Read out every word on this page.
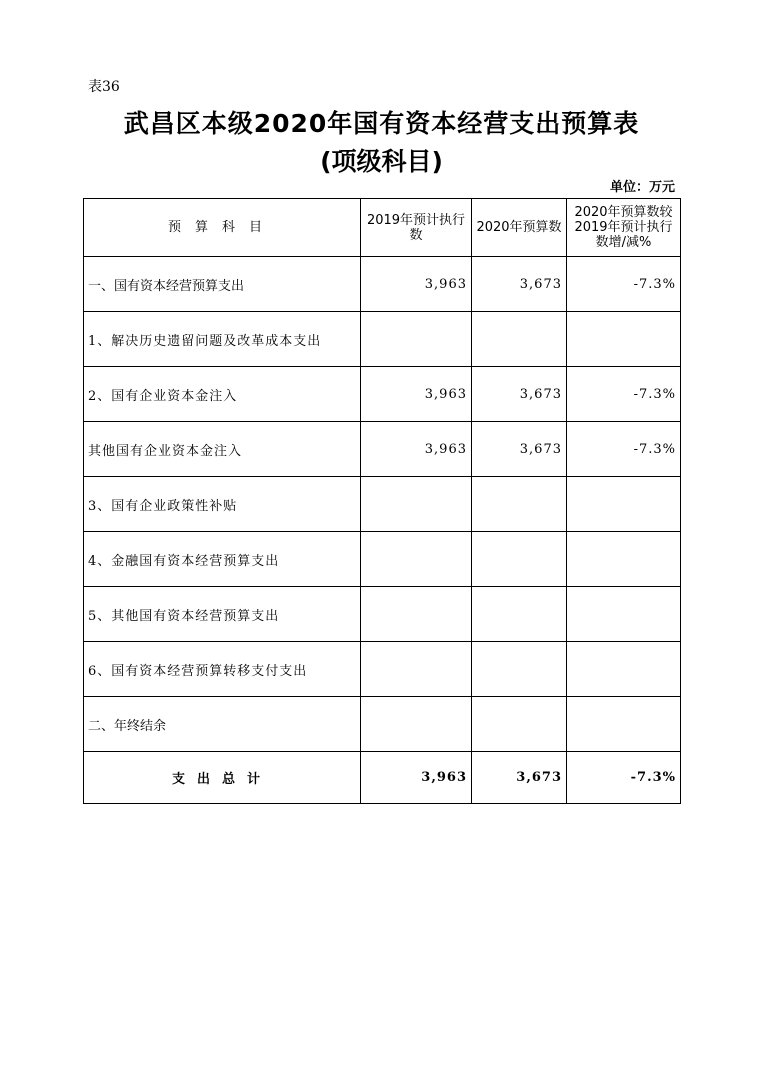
表36
武昌区本级2020年国有资本经营支出预算表
(项级科目)
单位：万元
预算科目	2019年预计执行数	2020年预算数	2020年预算数较2019年预计执行数增/减%
一、国有资本经营预算支出	3,963	3,673	-7.3%
1、解决历史遗留问题及改革成本支出			
2、国有企业资本金注入	3,963	3,673	-7.3%
其他国有企业资本金注入	3,963	3,673	-7.3%
3、国有企业政策性补贴			
4、金融国有资本经营预算支出			
5、其他国有资本经营预算支出			
6、国有资本经营预算转移支付支出			
二、年终结余			
支出总计	3,963	3,673	-7.3%
